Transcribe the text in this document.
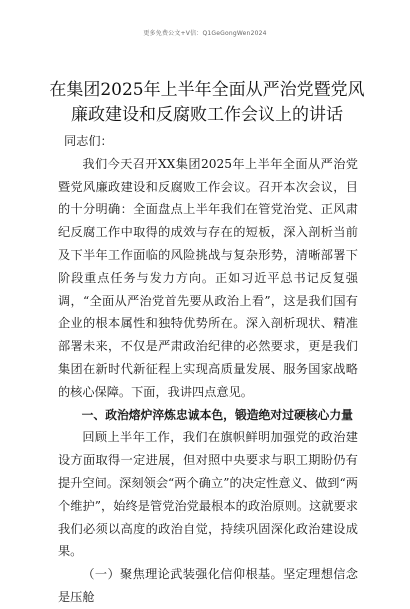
更多免费公文+V信：Q1GeGongWen2024
在集团2025年上半年全面从严治党暨党风廉政建设和反腐败工作会议上的讲话

同志们：

我们今天召开XX集团2025年上半年全面从严治党暨党风廉政建设和反腐败工作会议。召开本次会议，目的十分明确：全面盘点上半年我们在管党治党、正风肃纪反腐工作中取得的成效与存在的短板，深入剖析当前及下半年工作面临的风险挑战与复杂形势，清晰部署下阶段重点任务与发力方向。正如习近平总书记反复强调，“全面从严治党首先要从政治上看”，这是我们国有企业的根本属性和独特优势所在。深入剖析现状、精准部署未来，不仅是严肃政治纪律的必然要求，更是我们集团在新时代新征程上实现高质量发展、服务国家战略的核心保障。下面，我讲四点意见。

一、政治熔炉淬炼忠诚本色，锻造绝对过硬核心力量

回顾上半年工作，我们在旗帜鲜明加强党的政治建设方面取得一定进展，但对照中央要求与职工期盼仍有提升空间。深刻领会“两个确立”的决定性意义、做到“两个维护”，始终是管党治党最根本的政治原则。这就要求我们必须以高度的政治自觉，持续巩固深化政治建设成果。

（一）聚焦理论武装强化信仰根基。坚定理想信念是压舱
